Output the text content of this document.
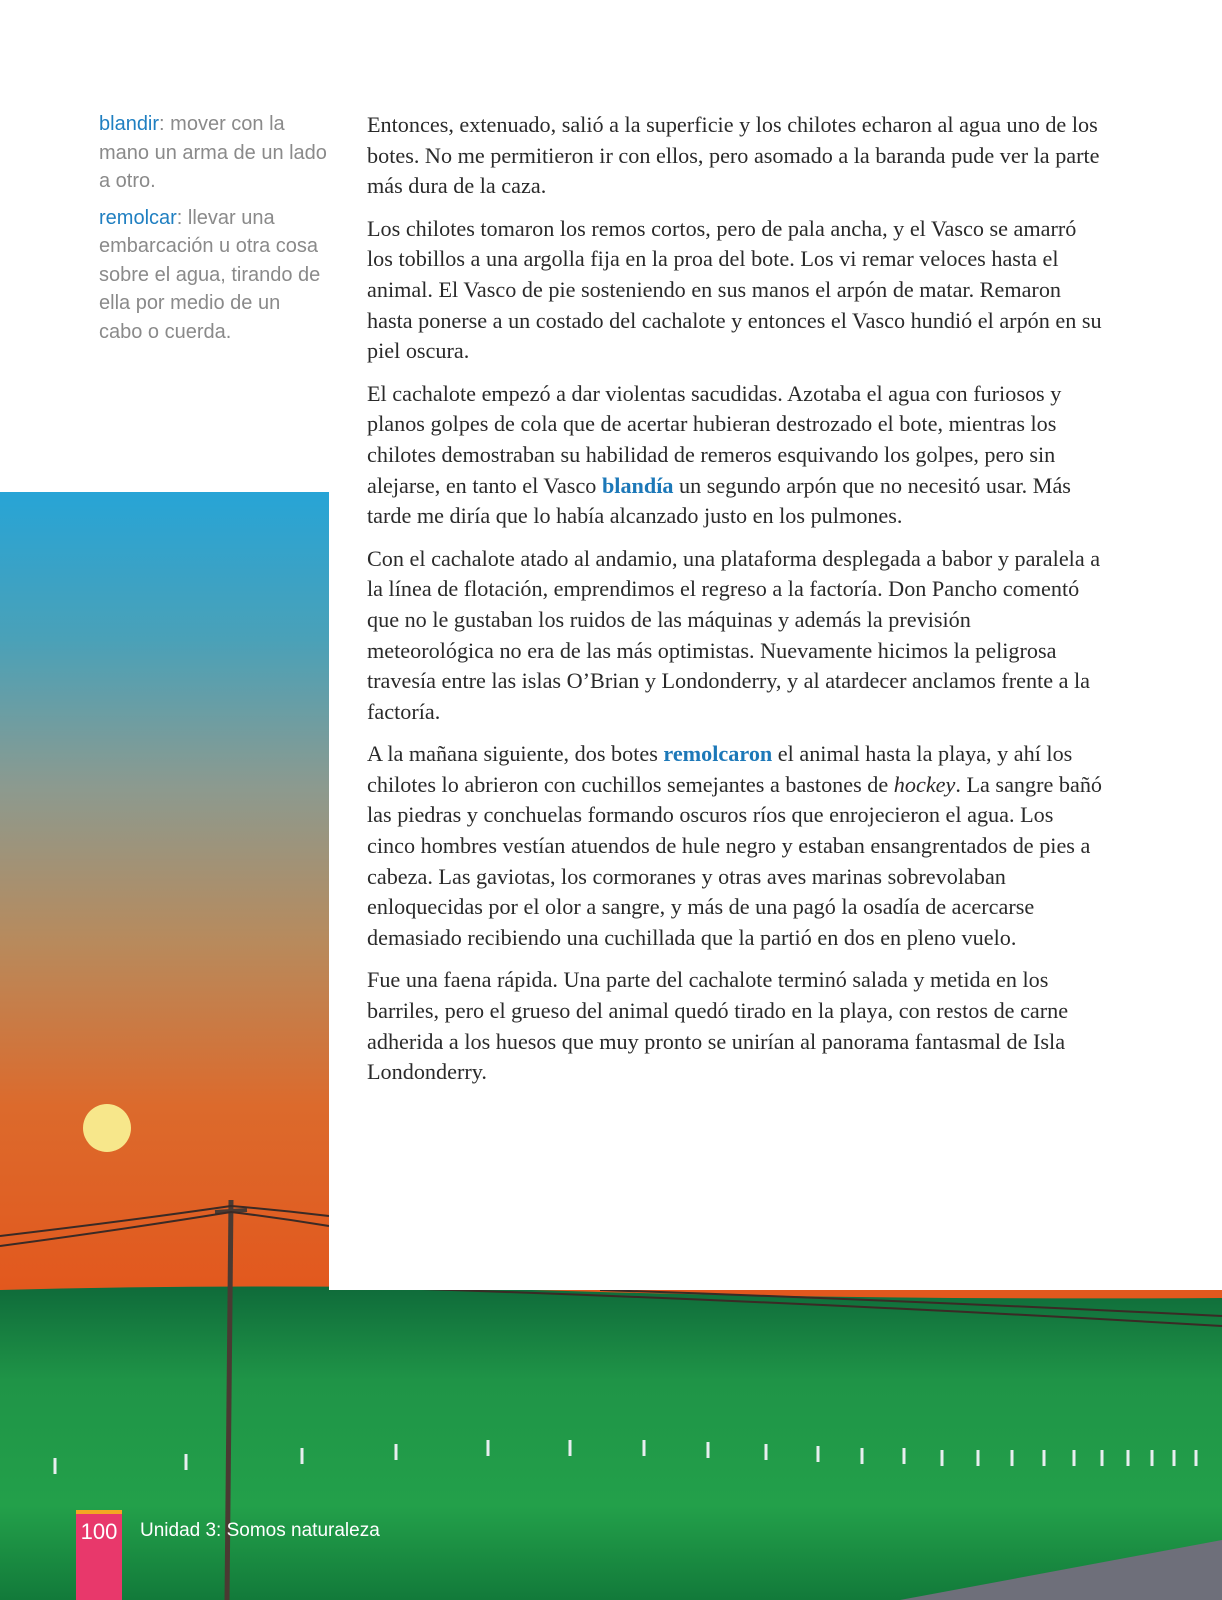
blandir: mover con la mano un arma de un lado a otro.
remolcar: llevar una embarcación u otra cosa sobre el agua, tirando de ella por medio de un cabo o cuerda.

Entonces, extenuado, salió a la superficie y los chilotes echaron al agua uno de los botes. No me permitieron ir con ellos, pero asomado a la baranda pude ver la parte más dura de la caza.

Los chilotes tomaron los remos cortos, pero de pala ancha, y el Vasco se amarró los tobillos a una argolla fija en la proa del bote. Los vi remar veloces hasta el animal. El Vasco de pie sosteniendo en sus manos el arpón de matar. Remaron hasta ponerse a un costado del cachalote y entonces el Vasco hundió el arpón en su piel oscura.

El cachalote empezó a dar violentas sacudidas. Azotaba el agua con furiosos y planos golpes de cola que de acertar hubieran destrozado el bote, mientras los chilotes demostraban su habilidad de remeros esquivando los golpes, pero sin alejarse, en tanto el Vasco blandía un segundo arpón que no necesitó usar. Más tarde me diría que lo había alcanzado justo en los pulmones.

Con el cachalote atado al andamio, una plataforma desplegada a babor y paralela a la línea de flotación, emprendimos el regreso a la factoría. Don Pancho comentó que no le gustaban los ruidos de las máquinas y además la previsión meteorológica no era de las más optimistas. Nuevamente hicimos la peligrosa travesía entre las islas O’Brian y Londonderry, y al atardecer anclamos frente a la factoría.

A la mañana siguiente, dos botes remolcaron el animal hasta la playa, y ahí los chilotes lo abrieron con cuchillos semejantes a bastones de hockey. La sangre bañó las piedras y conchuelas formando oscuros ríos que enrojecieron el agua. Los cinco hombres vestían atuendos de hule negro y estaban ensangrentados de pies a cabeza. Las gaviotas, los cormoranes y otras aves marinas sobrevolaban enloquecidas por el olor a sangre, y más de una pagó la osadía de acercarse demasiado recibiendo una cuchillada que la partió en dos en pleno vuelo.

Fue una faena rápida. Una parte del cachalote terminó salada y metida en los barriles, pero el grueso del animal quedó tirado en la playa, con restos de carne adherida a los huesos que muy pronto se unirían al panorama fantasmal de Isla Londonderry.

100 Unidad 3: Somos naturaleza
